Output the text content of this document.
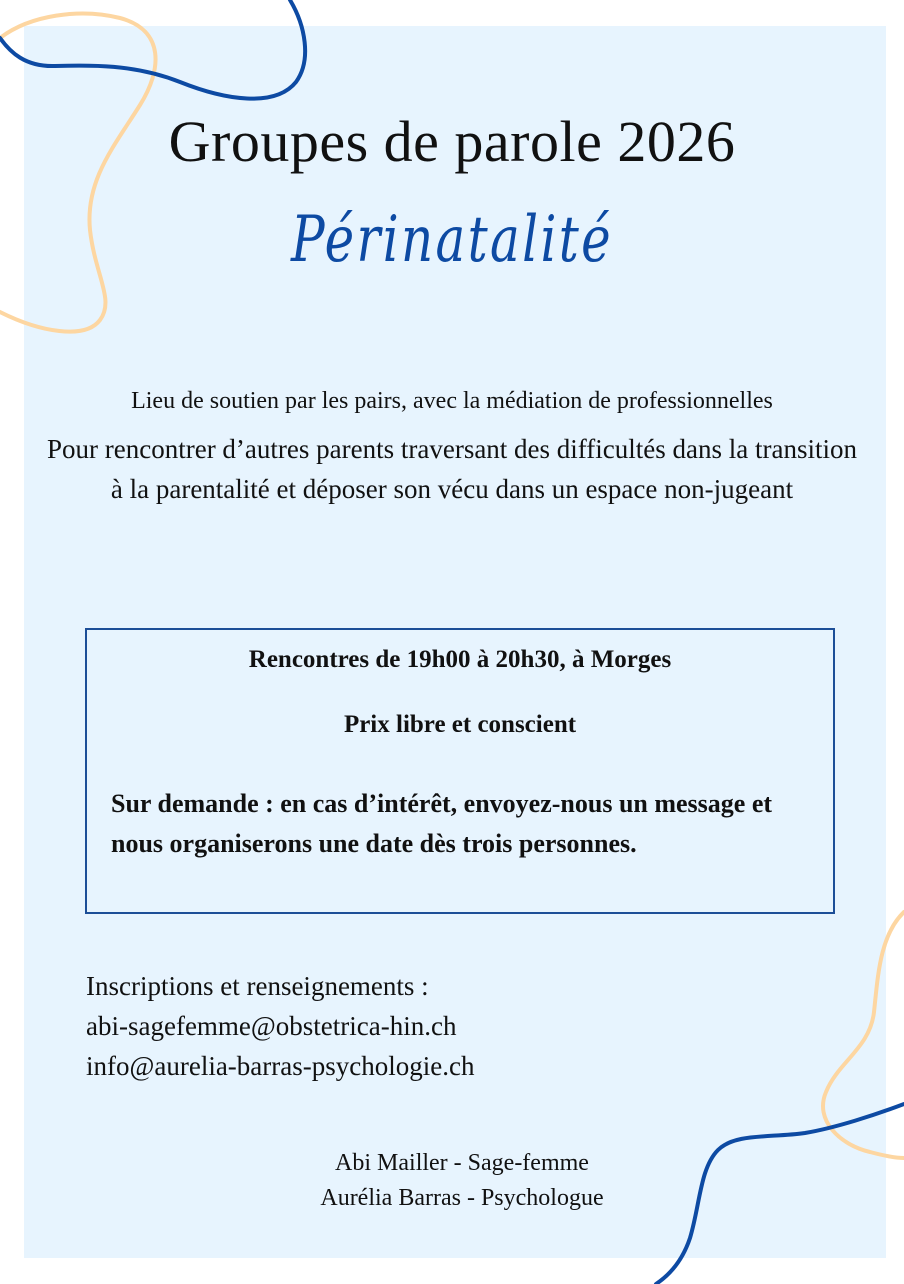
Groupes de parole 2026
Périnatalité

Lieu de soutien par les pairs, avec la médiation de professionnelles

Pour rencontrer d’autres parents traversant des difficultés dans la transition à la parentalité et déposer son vécu dans un espace non-jugeant

Rencontres de 19h00 à 20h30, à Morges
Prix libre et conscient
Sur demande : en cas d’intérêt, envoyez-nous un message et nous organiserons une date dès trois personnes.
Inscriptions et renseignements :
abi-sagefemme@obstetrica-hin.ch
info@aurelia-barras-psychologie.ch
Abi Mailler - Sage-femme
Aurélia Barras - Psychologue
